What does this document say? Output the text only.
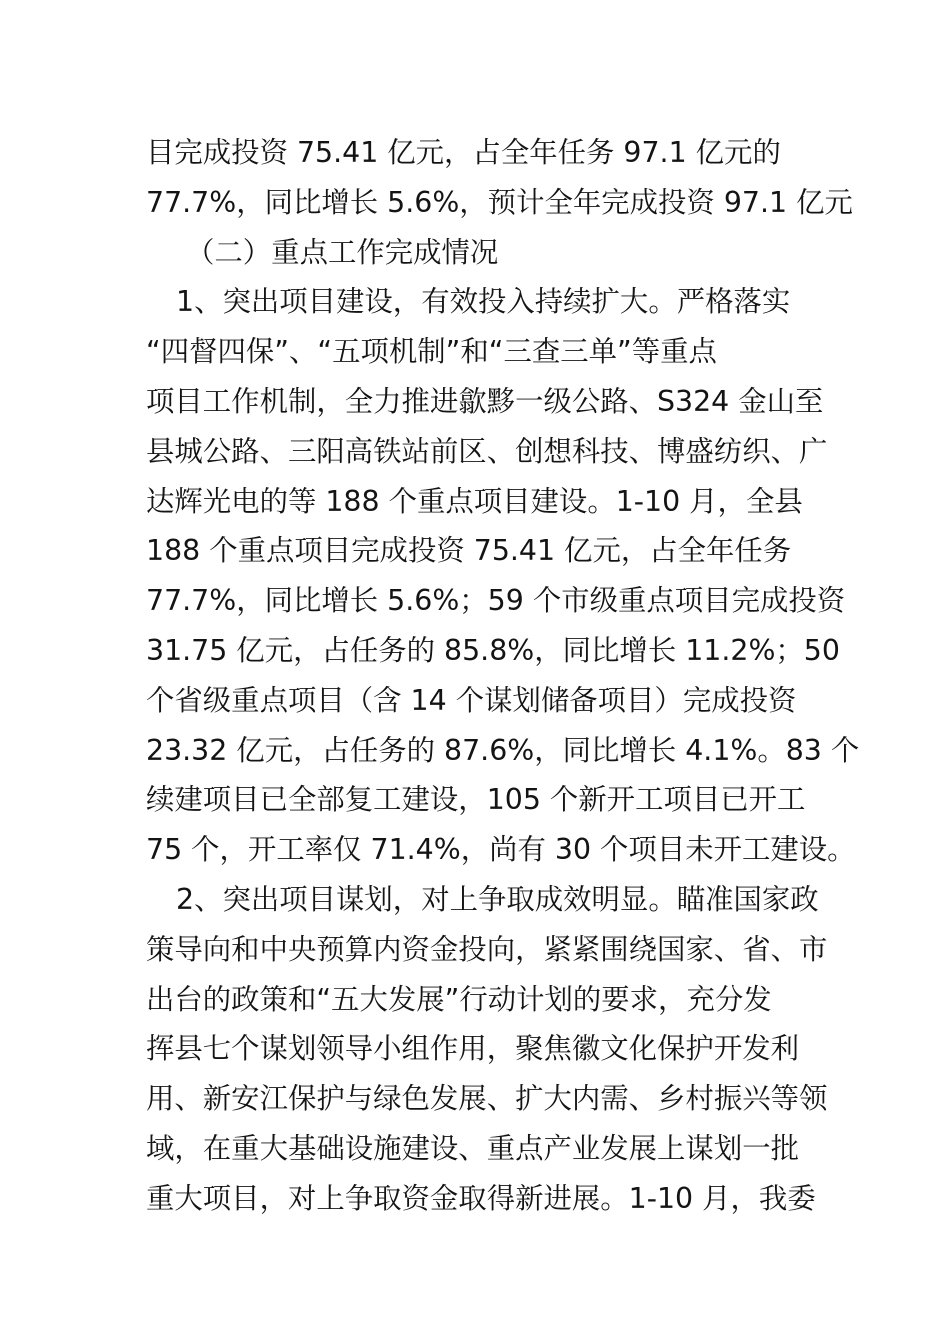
目完成投资 75.41 亿元，占全年任务 97.1 亿元的
77.7%，同比增长 5.6%，预计全年完成投资 97.1 亿元
（二）重点工作完成情况
1、突出项目建设，有效投入持续扩大。严格落实
“四督四保”、“五项机制”和“三查三单”等重点
项目工作机制，全力推进歙黟一级公路、S324 金山至
县城公路、三阳高铁站前区、创想科技、博盛纺织、广
达辉光电的等 188 个重点项目建设。1-10 月，全县
188 个重点项目完成投资 75.41 亿元，占全年任务
77.7%，同比增长 5.6%；59 个市级重点项目完成投资
31.75 亿元，占任务的 85.8%，同比增长 11.2%；50
个省级重点项目（含 14 个谋划储备项目）完成投资
23.32 亿元，占任务的 87.6%，同比增长 4.1%。83 个
续建项目已全部复工建设，105 个新开工项目已开工
75 个，开工率仅 71.4%，尚有 30 个项目未开工建设。
2、突出项目谋划，对上争取成效明显。瞄准国家政
策导向和中央预算内资金投向，紧紧围绕国家、省、市
出台的政策和“五大发展”行动计划的要求，充分发
挥县七个谋划领导小组作用，聚焦徽文化保护开发利
用、新安江保护与绿色发展、扩大内需、乡村振兴等领
域，在重大基础设施建设、重点产业发展上谋划一批
重大项目，对上争取资金取得新进展。1-10 月，我委
